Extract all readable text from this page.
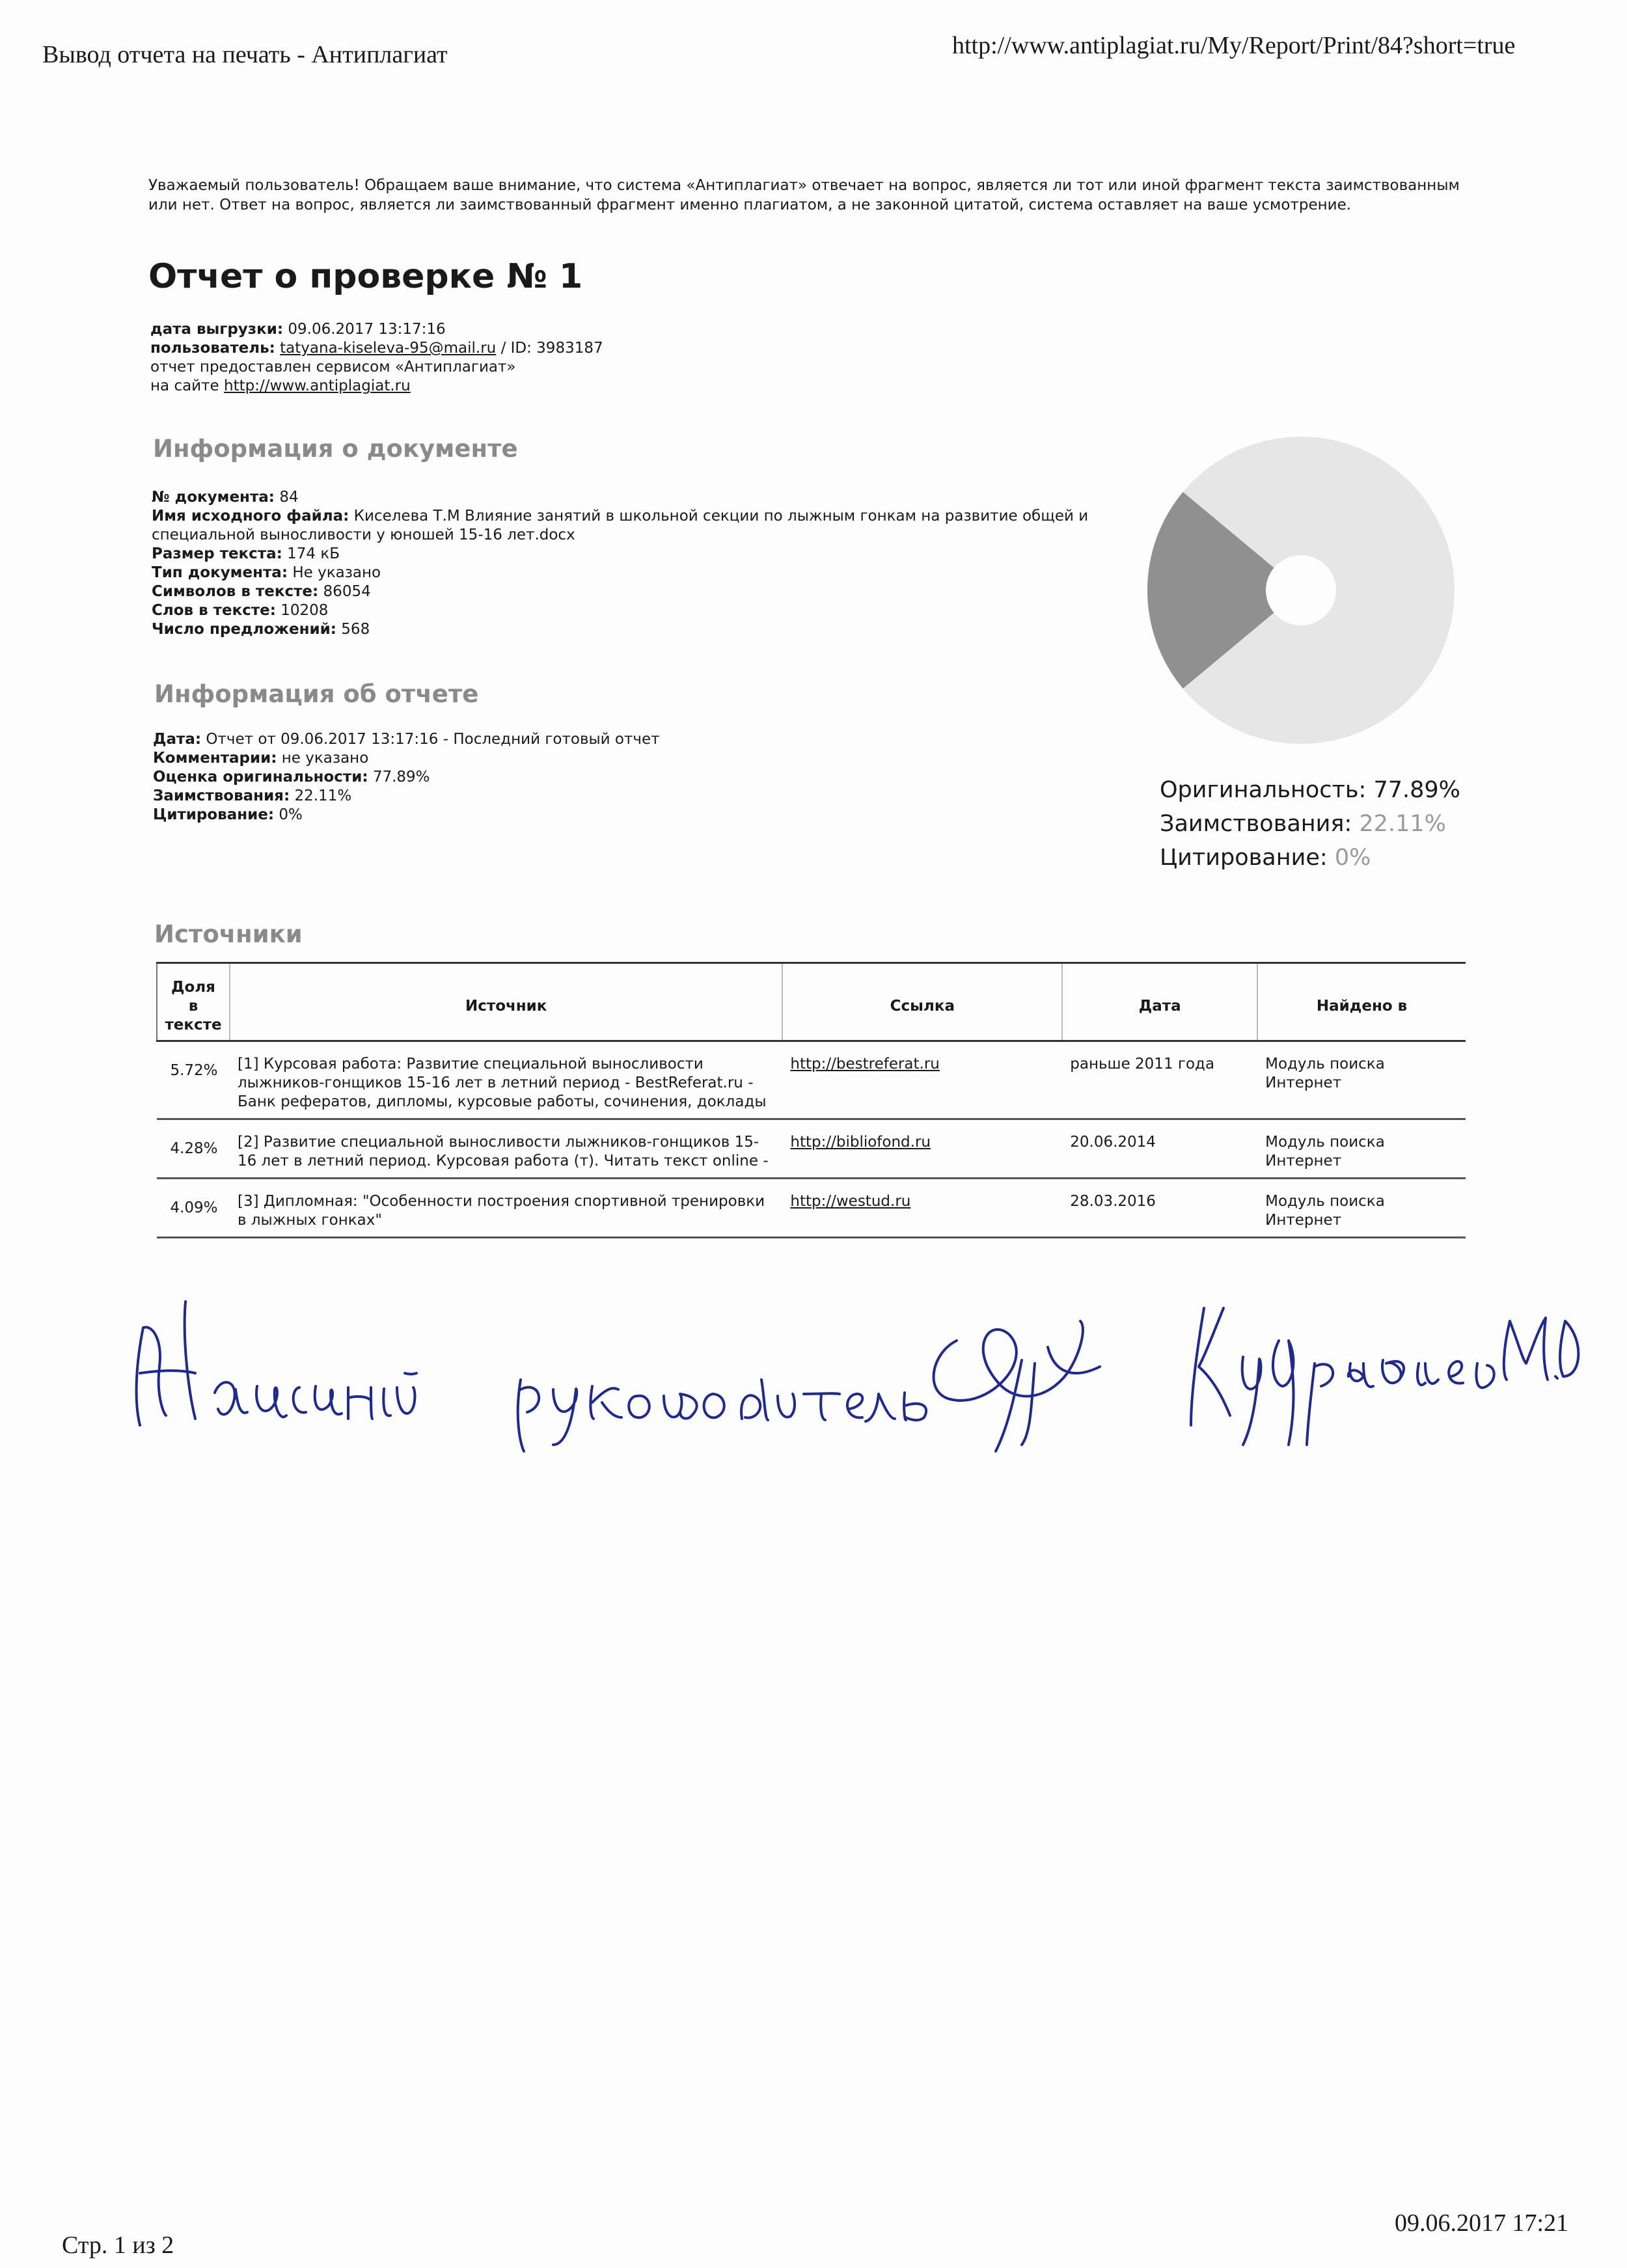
Вывод отчета на печать - Антиплагиат	http://www.antiplagiat.ru/My/Report/Print/84?short=true
Уважаемый пользователь! Обращаем ваше внимание, что система «Антиплагиат» отвечает на вопрос, является ли тот или иной фрагмент текста заимствованным или нет. Ответ на вопрос, является ли заимствованный фрагмент именно плагиатом, а не законной цитатой, система оставляет на ваше усмотрение.
Отчет о проверке № 1
дата выгрузки: 09.06.2017 13:17:16
пользователь: tatyana-kiseleva-95@mail.ru / ID: 3983187
отчет предоставлен сервисом «Антиплагиат»
на сайте http://www.antiplagiat.ru
Информация о документе
№ документа: 84
Имя исходного файла: Киселева Т.М Влияние занятий в школьной секции по лыжным гонкам на развитие общей и специальной выносливости у юношей 15-16 лет.docx
Размер текста: 174 кБ
Тип документа: Не указано
Символов в тексте: 86054
Слов в тексте: 10208
Число предложений: 568
Информация об отчете
Дата: Отчет от 09.06.2017 13:17:16 - Последний готовый отчет
Комментарии: не указано
Оценка оригинальности: 77.89%
Заимствования: 22.11%
Цитирование: 0%
Оригинальность: 77.89%
Заимствования: 22.11%
Цитирование: 0%
Источники
Доля в тексте	Источник	Ссылка	Дата	Найдено в
5.72%	[1] Курсовая работа: Развитие специальной выносливости лыжников-гонщиков 15-16 лет в летний период - BestReferat.ru - Банк рефератов, дипломы, курсовые работы, сочинения, доклады	http://bestreferat.ru	раньше 2011 года	Модуль поиска Интернет
4.28%	[2] Развитие специальной выносливости лыжников-гонщиков 15-16 лет в летний период. Курсовая работа (т). Читать текст online -	http://bibliofond.ru	20.06.2014	Модуль поиска Интернет
4.09%	[3] Дипломная: "Особенности построения спортивной тренировки в лыжных гонках"	http://westud.ru	28.03.2016	Модуль поиска Интернет
Стр. 1 из 2
09.06.2017 17:21
